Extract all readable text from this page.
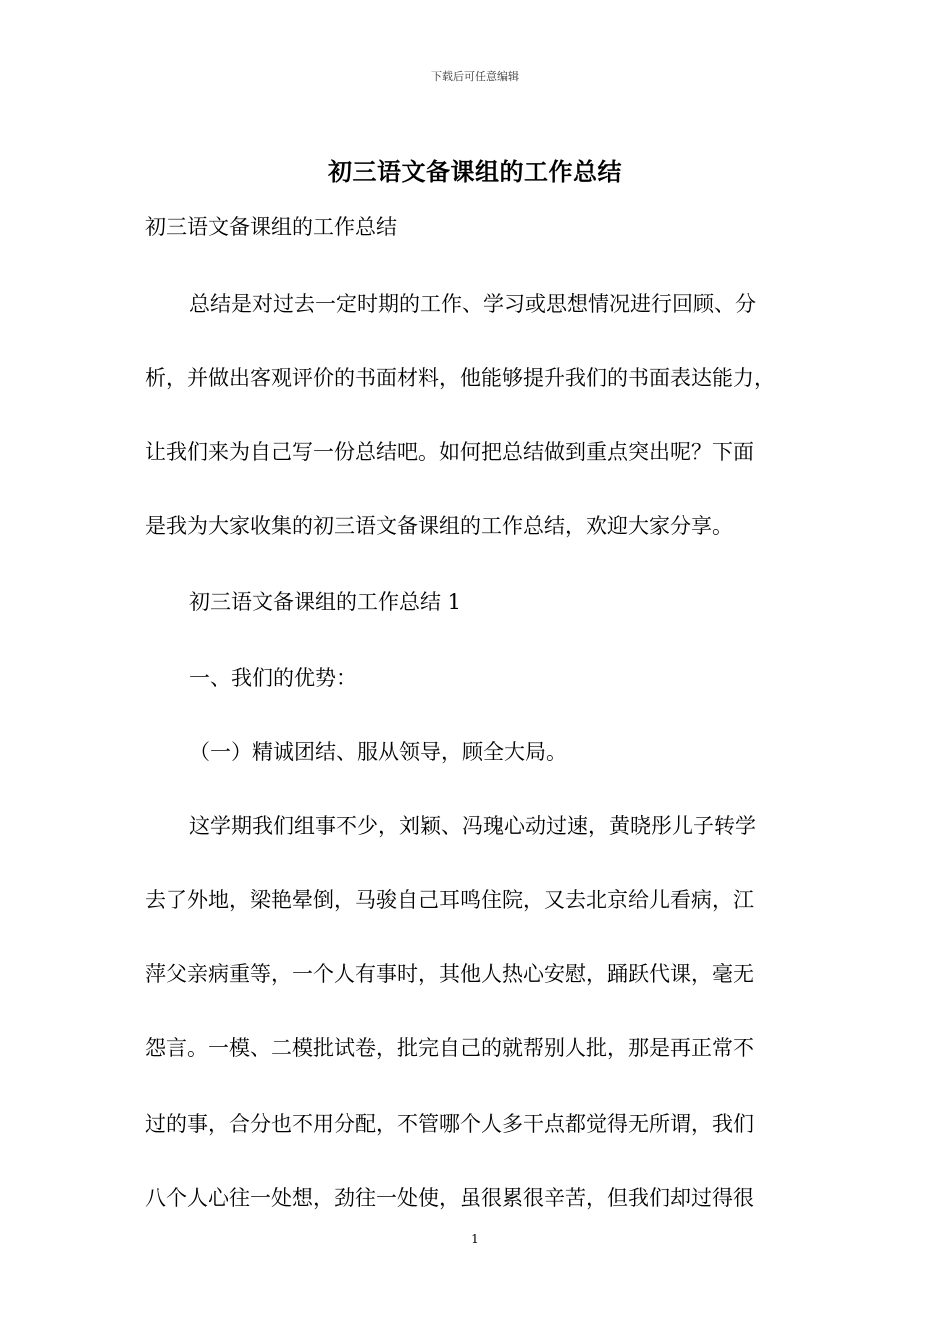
下载后可任意编辑
初三语文备课组的工作总结
初三语文备课组的工作总结
总结是对过去一定时期的工作、学习或思想情况进行回顾、分
析，并做出客观评价的书面材料，他能够提升我们的书面表达能力，
让我们来为自己写一份总结吧。如何把总结做到重点突出呢？下面
是我为大家收集的初三语文备课组的工作总结，欢迎大家分享。
初三语文备课组的工作总结 1
一、我们的优势：
（一）精诚团结、服从领导，顾全大局。
这学期我们组事不少，刘颖、冯瑰心动过速，黄晓彤儿子转学
去了外地，梁艳晕倒，马骏自己耳鸣住院，又去北京给儿看病，江
萍父亲病重等，一个人有事时，其他人热心安慰，踊跃代课，毫无
怨言。一模、二模批试卷，批完自己的就帮别人批，那是再正常不
过的事，合分也不用分配，不管哪个人多干点都觉得无所谓，我们
八个人心往一处想，劲往一处使，虽很累很辛苦，但我们却过得很
1
